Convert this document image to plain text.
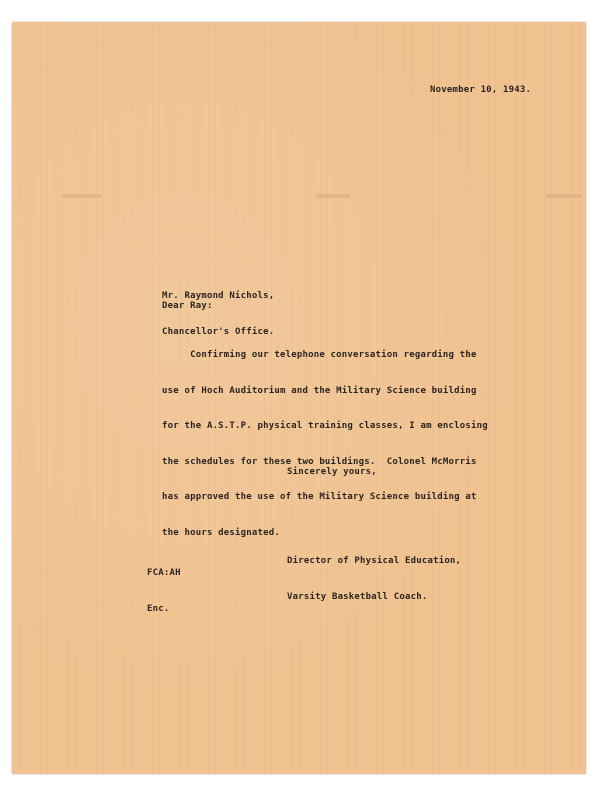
November 10, 1943.

Mr. Raymond Nichols,

Chancellor's Office.

Dear Ray:

Confirming our telephone conversation regarding the

use of Hoch Auditorium and the Military Science building

for the A.S.T.P. physical training classes, I am enclosing

the schedules for these two buildings.  Colonel McMorris

has approved the use of the Military Science building at

the hours designated.

Sincerely yours,

Director of Physical Education,

Varsity Basketball Coach.

FCA:AH

Enc.
